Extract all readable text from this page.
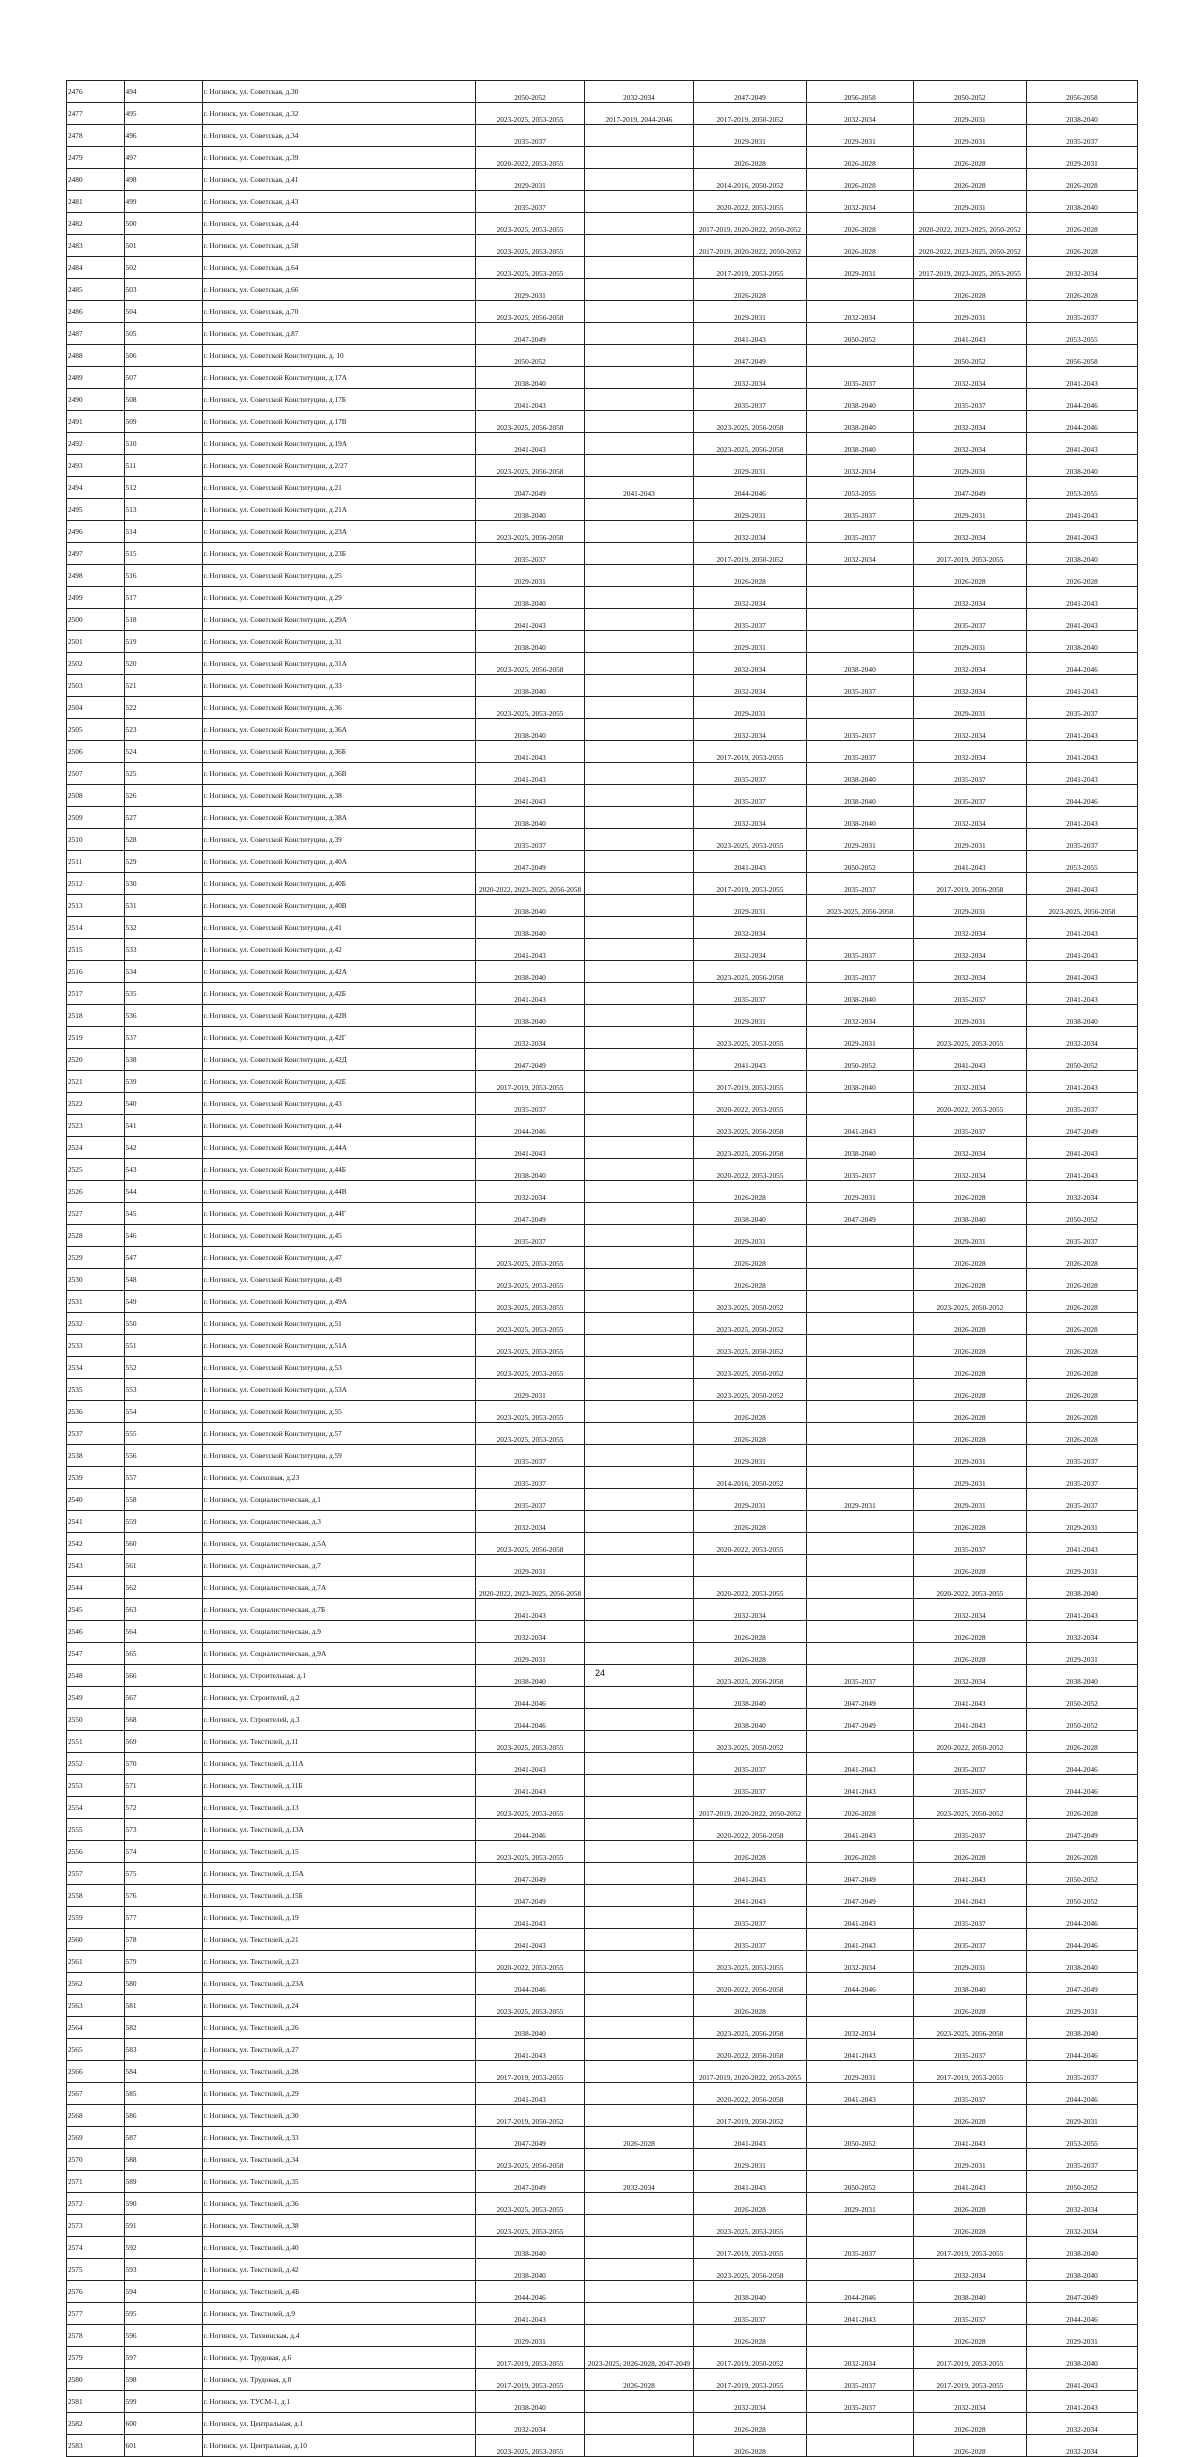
2476	494	г. Ногинск, ул. Советская, д.30	2050-2052	2032-2034	2047-2049	2056-2058	2050-2052	2056-2058
2477	495	г. Ногинск, ул. Советская, д.32	2023-2025, 2053-2055	2017-2019, 2044-2046	2017-2019, 2050-2052	2032-2034	2029-2031	2038-2040
2478	496	г. Ногинск, ул. Советская, д.34	2035-2037		2029-2031	2029-2031	2029-2031	2035-2037
2479	497	г. Ногинск, ул. Советская, д.39	2020-2022, 2053-2055		2026-2028	2026-2028	2026-2028	2029-2031
2480	498	г. Ногинск, ул. Советская, д.41	2029-2031		2014-2016, 2050-2052	2026-2028	2026-2028	2026-2028
2481	499	г. Ногинск, ул. Советская, д.43	2035-2037		2020-2022, 2053-2055	2032-2034	2029-2031	2038-2040
2482	500	г. Ногинск, ул. Советская, д.44	2023-2025, 2053-2055		2017-2019, 2020-2022, 2050-2052	2026-2028	2020-2022, 2023-2025, 2050-2052	2026-2028
2483	501	г. Ногинск, ул. Советская, д.58	2023-2025, 2053-2055		2017-2019, 2020-2022, 2050-2052	2026-2028	2020-2022, 2023-2025, 2050-2052	2026-2028
2484	502	г. Ногинск, ул. Советская, д.64	2023-2025, 2053-2055		2017-2019, 2053-2055	2029-2031	2017-2019, 2023-2025, 2053-2055	2032-2034
2485	503	г. Ногинск, ул. Советская, д.66	2029-2031		2026-2028		2026-2028	2026-2028
2486	504	г. Ногинск, ул. Советская, д.70	2023-2025, 2056-2058		2029-2031	2032-2034	2029-2031	2035-2037
2487	505	г. Ногинск, ул. Советская, д.87	2047-2049		2041-2043	2050-2052	2041-2043	2053-2055
2488	506	г. Ногинск, ул. Советской Конституции, д. 10	2050-2052		2047-2049		2050-2052	2056-2058
2489	507	г. Ногинск, ул. Советской Конституции, д.17А	2038-2040		2032-2034	2035-2037	2032-2034	2041-2043
2490	508	г. Ногинск, ул. Советской Конституции, д.17Б	2041-2043		2035-2037	2038-2040	2035-2037	2044-2046
2491	509	г. Ногинск, ул. Советской Конституции, д.17В	2023-2025, 2056-2058		2023-2025, 2056-2058	2038-2040	2032-2034	2044-2046
2492	510	г. Ногинск, ул. Советской Конституции, д.19А	2041-2043		2023-2025, 2056-2058	2038-2040	2032-2034	2041-2043
2493	511	г. Ногинск, ул. Советской Конституции, д.2/27	2023-2025, 2056-2058		2029-2031	2032-2034	2029-2031	2038-2040
2494	512	г. Ногинск, ул. Советской Конституции, д.21	2047-2049	2041-2043	2044-2046	2053-2055	2047-2049	2053-2055
2495	513	г. Ногинск, ул. Советской Конституции, д.21А	2038-2040		2029-2031	2035-2037	2029-2031	2041-2043
2496	514	г. Ногинск, ул. Советской Конституции, д.23А	2023-2025, 2056-2058		2032-2034	2035-2037	2032-2034	2041-2043
2497	515	г. Ногинск, ул. Советской Конституции, д.23Б	2035-2037		2017-2019, 2050-2052	2032-2034	2017-2019, 2053-2055	2038-2040
2498	516	г. Ногинск, ул. Советской Конституции, д.25	2029-2031		2026-2028		2026-2028	2026-2028
2499	517	г. Ногинск, ул. Советской Конституции, д.29	2038-2040		2032-2034		2032-2034	2041-2043
2500	518	г. Ногинск, ул. Советской Конституции, д.29А	2041-2043		2035-2037		2035-2037	2041-2043
2501	519	г. Ногинск, ул. Советской Конституции, д.31	2038-2040		2029-2031		2029-2031	2038-2040
2502	520	г. Ногинск, ул. Советской Конституции, д.31А	2023-2025, 2056-2058		2032-2034	2038-2040	2032-2034	2044-2046
2503	521	г. Ногинск, ул. Советской Конституции, д.33	2038-2040		2032-2034	2035-2037	2032-2034	2041-2043
2504	522	г. Ногинск, ул. Советской Конституции, д.36	2023-2025, 2053-2055		2029-2031		2029-2031	2035-2037
2505	523	г. Ногинск, ул. Советской Конституции, д.36А	2038-2040		2032-2034	2035-2037	2032-2034	2041-2043
2506	524	г. Ногинск, ул. Советской Конституции, д.36Б	2041-2043		2017-2019, 2053-2055	2035-2037	2032-2034	2041-2043
2507	525	г. Ногинск, ул. Советской Конституции, д.36В	2041-2043		2035-2037	2038-2040	2035-2037	2041-2043
2508	526	г. Ногинск, ул. Советской Конституции, д.38	2041-2043		2035-2037	2038-2040	2035-2037	2044-2046
2509	527	г. Ногинск, ул. Советской Конституции, д.38А	2038-2040		2032-2034	2038-2040	2032-2034	2041-2043
2510	528	г. Ногинск, ул. Советской Конституции, д.39	2035-2037		2023-2025, 2053-2055	2029-2031	2029-2031	2035-2037
2511	529	г. Ногинск, ул. Советской Конституции, д.40А	2047-2049		2041-2043	2050-2052	2041-2043	2053-2055
2512	530	г. Ногинск, ул. Советской Конституции, д.40Б	2020-2022, 2023-2025, 2056-2058		2017-2019, 2053-2055	2035-2037	2017-2019, 2056-2058	2041-2043
2513	531	г. Ногинск, ул. Советской Конституции, д.40В	2038-2040		2029-2031	2023-2025, 2056-2058	2029-2031	2023-2025, 2056-2058
2514	532	г. Ногинск, ул. Советской Конституции, д.41	2038-2040		2032-2034		2032-2034	2041-2043
2515	533	г. Ногинск, ул. Советской Конституции, д.42	2041-2043		2032-2034	2035-2037	2032-2034	2041-2043
2516	534	г. Ногинск, ул. Советской Конституции, д.42А	2038-2040		2023-2025, 2056-2058	2035-2037	2032-2034	2041-2043
2517	535	г. Ногинск, ул. Советской Конституции, д.42Б	2041-2043		2035-2037	2038-2040	2035-2037	2041-2043
2518	536	г. Ногинск, ул. Советской Конституции, д.42В	2038-2040		2029-2031	2032-2034	2029-2031	2038-2040
2519	537	г. Ногинск, ул. Советской Конституции, д.42Г	2032-2034		2023-2025, 2053-2055	2029-2031	2023-2025, 2053-2055	2032-2034
2520	538	г. Ногинск, ул. Советской Конституции, д.42Д	2047-2049		2041-2043	2050-2052	2041-2043	2050-2052
2521	539	г. Ногинск, ул. Советской Конституции, д.42Е	2017-2019, 2053-2055		2017-2019, 2053-2055	2038-2040	2032-2034	2041-2043
2522	540	г. Ногинск, ул. Советской Конституции, д.43	2035-2037		2020-2022, 2053-2055		2020-2022, 2053-2055	2035-2037
2523	541	г. Ногинск, ул. Советской Конституции, д.44	2044-2046		2023-2025, 2056-2058	2041-2043	2035-2037	2047-2049
2524	542	г. Ногинск, ул. Советской Конституции, д.44А	2041-2043		2023-2025, 2056-2058	2038-2040	2032-2034	2041-2043
2525	543	г. Ногинск, ул. Советской Конституции, д.44Б	2038-2040		2020-2022, 2053-2055	2035-2037	2032-2034	2041-2043
2526	544	г. Ногинск, ул. Советской Конституции, д.44В	2032-2034		2026-2028	2029-2031	2026-2028	2032-2034
2527	545	г. Ногинск, ул. Советской Конституции, д.44Г	2047-2049		2038-2040	2047-2049	2038-2040	2050-2052
2528	546	г. Ногинск, ул. Советской Конституции, д.45	2035-2037		2029-2031		2029-2031	2035-2037
2529	547	г. Ногинск, ул. Советской Конституции, д.47	2023-2025, 2053-2055		2026-2028		2026-2028	2026-2028
2530	548	г. Ногинск, ул. Советской Конституции, д.49	2023-2025, 2053-2055		2026-2028		2026-2028	2026-2028
2531	549	г. Ногинск, ул. Советской Конституции, д.49А	2023-2025, 2053-2055		2023-2025, 2050-2052		2023-2025, 2050-2052	2026-2028
2532	550	г. Ногинск, ул. Советской Конституции, д.51	2023-2025, 2053-2055		2023-2025, 2050-2052		2026-2028	2026-2028
2533	551	г. Ногинск, ул. Советской Конституции, д.51А	2023-2025, 2053-2055		2023-2025, 2050-2052		2026-2028	2026-2028
2534	552	г. Ногинск, ул. Советской Конституции, д.53	2023-2025, 2053-2055		2023-2025, 2050-2052		2026-2028	2026-2028
2535	553	г. Ногинск, ул. Советской Конституции, д.53А	2029-2031		2023-2025, 2050-2052		2026-2028	2026-2028
2536	554	г. Ногинск, ул. Советской Конституции, д.55	2023-2025, 2053-2055		2026-2028		2026-2028	2026-2028
2537	555	г. Ногинск, ул. Советской Конституции, д.57	2023-2025, 2053-2055		2026-2028		2026-2028	2026-2028
2538	556	г. Ногинск, ул. Советской Конституции, д.59	2035-2037		2029-2031		2029-2031	2035-2037
2539	557	г. Ногинск, ул. Совхозная, д.23	2035-2037		2014-2016, 2050-2052		2029-2031	2035-2037
2540	558	г. Ногинск, ул. Социалистическая, д.1	2035-2037		2029-2031	2029-2031	2029-2031	2035-2037
2541	559	г. Ногинск, ул. Социалистическая, д.3	2032-2034		2026-2028		2026-2028	2029-2031
2542	560	г. Ногинск, ул. Социалистическая, д.5А	2023-2025, 2056-2058		2020-2022, 2053-2055		2035-2037	2041-2043
2543	561	г. Ногинск, ул. Социалистическая, д.7	2029-2031				2026-2028	2029-2031
2544	562	г. Ногинск, ул. Социалистическая, д.7А	2020-2022, 2023-2025, 2056-2058		2020-2022, 2053-2055		2020-2022, 2053-2055	2038-2040
2545	563	г. Ногинск, ул. Социалистическая, д.7Б	2041-2043		2032-2034		2032-2034	2041-2043
2546	564	г. Ногинск, ул. Социалистическая, д.9	2032-2034		2026-2028		2026-2028	2032-2034
2547	565	г. Ногинск, ул. Социалистическая, д.9А	2029-2031		2026-2028		2026-2028	2029-2031
2548	566	г. Ногинск, ул. Строительная, д.1	2038-2040		2023-2025, 2056-2058	2035-2037	2032-2034	2038-2040
2549	567	г. Ногинск, ул. Строителей, д.2	2044-2046		2038-2040	2047-2049	2041-2043	2050-2052
2550	568	г. Ногинск, ул. Строителей, д.3	2044-2046		2038-2040	2047-2049	2041-2043	2050-2052
2551	569	г. Ногинск, ул. Текстилей, д.11	2023-2025, 2053-2055		2023-2025, 2050-2052		2020-2022, 2050-2052	2026-2028
2552	570	г. Ногинск, ул. Текстилей, д.11А	2041-2043		2035-2037	2041-2043	2035-2037	2044-2046
2553	571	г. Ногинск, ул. Текстилей, д.11Б	2041-2043		2035-2037	2041-2043	2035-2037	2044-2046
2554	572	г. Ногинск, ул. Текстилей, д.13	2023-2025, 2053-2055		2017-2019, 2020-2022, 2050-2052	2026-2028	2023-2025, 2050-2052	2026-2028
2555	573	г. Ногинск, ул. Текстилей, д.13А	2044-2046		2020-2022, 2056-2058	2041-2043	2035-2037	2047-2049
2556	574	г. Ногинск, ул. Текстилей, д.15	2023-2025, 2053-2055		2026-2028	2026-2028	2026-2028	2026-2028
2557	575	г. Ногинск, ул. Текстилей, д.15А	2047-2049		2041-2043	2047-2049	2041-2043	2050-2052
2558	576	г. Ногинск, ул. Текстилей, д.15Б	2047-2049		2041-2043	2047-2049	2041-2043	2050-2052
2559	577	г. Ногинск, ул. Текстилей, д.19	2041-2043		2035-2037	2041-2043	2035-2037	2044-2046
2560	578	г. Ногинск, ул. Текстилей, д.21	2041-2043		2035-2037	2041-2043	2035-2037	2044-2046
2561	579	г. Ногинск, ул. Текстилей, д.23	2020-2022, 2053-2055		2023-2025, 2053-2055	2032-2034	2029-2031	2038-2040
2562	580	г. Ногинск, ул. Текстилей, д.23А	2044-2046		2020-2022, 2056-2058	2044-2046	2038-2040	2047-2049
2563	581	г. Ногинск, ул. Текстилей, д.24	2023-2025, 2053-2055		2026-2028		2026-2028	2029-2031
2564	582	г. Ногинск, ул. Текстилей, д.26	2038-2040		2023-2025, 2056-2058	2032-2034	2023-2025, 2056-2058	2038-2040
2565	583	г. Ногинск, ул. Текстилей, д.27	2041-2043		2020-2022, 2056-2058	2041-2043	2035-2037	2044-2046
2566	584	г. Ногинск, ул. Текстилей, д.28	2017-2019, 2053-2055		2017-2019, 2020-2022, 2053-2055	2029-2031	2017-2019, 2053-2055	2035-2037
2567	585	г. Ногинск, ул. Текстилей, д.29	2041-2043		2020-2022, 2056-2058	2041-2043	2035-2037	2044-2046
2568	586	г. Ногинск, ул. Текстилей, д.30	2017-2019, 2050-2052		2017-2019, 2050-2052		2026-2028	2029-2031
2569	587	г. Ногинск, ул. Текстилей, д.33	2047-2049	2026-2028	2041-2043	2050-2052	2041-2043	2053-2055
2570	588	г. Ногинск, ул. Текстилей, д.34	2023-2025, 2056-2058		2029-2031		2029-2031	2035-2037
2571	589	г. Ногинск, ул. Текстилей, д.35	2047-2049	2032-2034	2041-2043	2050-2052	2041-2043	2050-2052
2572	590	г. Ногинск, ул. Текстилей, д.36	2023-2025, 2053-2055		2026-2028	2029-2031	2026-2028	2032-2034
2573	591	г. Ногинск, ул. Текстилей, д.38	2023-2025, 2053-2055		2023-2025, 2053-2055		2026-2028	2032-2034
2574	592	г. Ногинск, ул. Текстилей, д.40	2038-2040		2017-2019, 2053-2055	2035-2037	2017-2019, 2053-2055	2038-2040
2575	593	г. Ногинск, ул. Текстилей, д.42	2038-2040		2023-2025, 2056-2058		2032-2034	2038-2040
2576	594	г. Ногинск, ул. Текстилей, д.4Б	2044-2046		2038-2040	2044-2046	2038-2040	2047-2049
2577	595	г. Ногинск, ул. Текстилей, д.9	2041-2043		2035-2037	2041-2043	2035-2037	2044-2046
2578	596	г. Ногинск, ул. Тихвинская, д.4	2029-2031		2026-2028		2026-2028	2029-2031
2579	597	г. Ногинск, ул. Трудовая, д.6	2017-2019, 2053-2055	2023-2025, 2026-2028, 2047-2049	2017-2019, 2050-2052	2032-2034	2017-2019, 2053-2055	2038-2040
2580	598	г. Ногинск, ул. Трудовая, д.8	2017-2019, 2053-2055	2026-2028	2017-2019, 2053-2055	2035-2037	2017-2019, 2053-2055	2041-2043
2581	599	г. Ногинск, ул. ТУСМ-1, д.1	2038-2040		2032-2034	2035-2037	2032-2034	2041-2043
2582	600	г. Ногинск, ул. Центральная, д.1	2032-2034		2026-2028		2026-2028	2032-2034
2583	601	г. Ногинск, ул. Центральная, д.10	2023-2025, 2053-2055		2026-2028		2026-2028	2032-2034
24
